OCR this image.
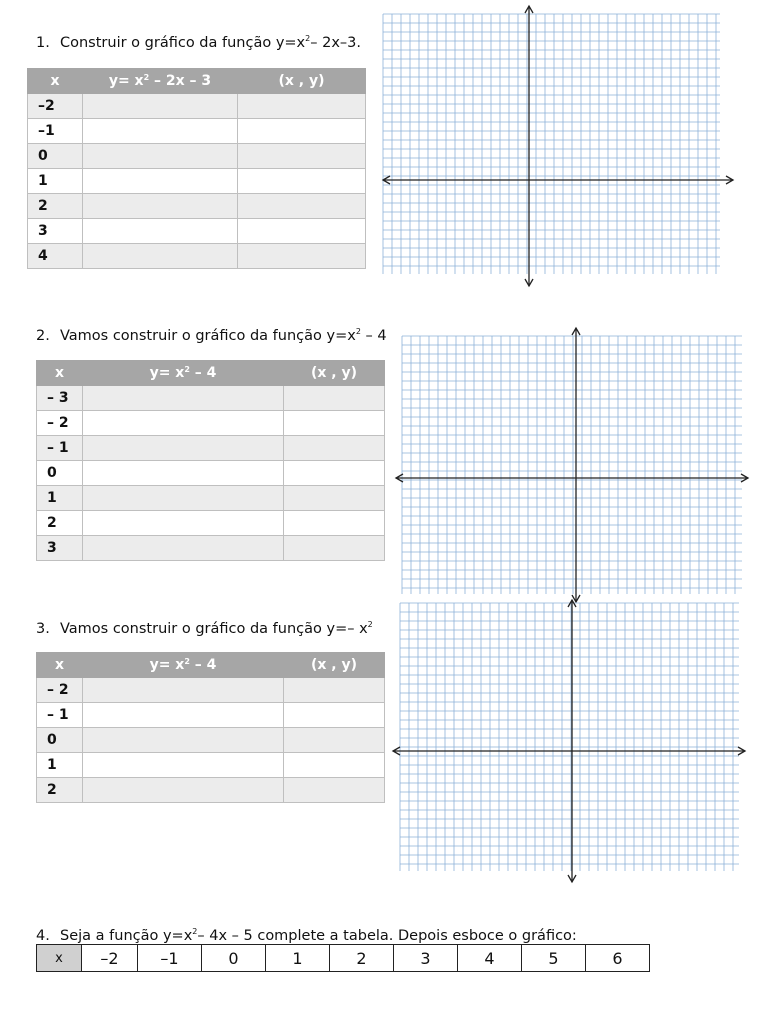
1. Construir o gráfico da função $y=x^2-$ 2x–3.
x	$y= x^2 - 2x - 3$	(x , y)
–2		
–1		
0		
1		
2		
3		
4		
2. Vamos construir o gráfico da função $y=x^2 - 4$
x	$y= x^2 - 4$	(x , y)
– 3		
– 2		
– 1		
0		
1		
2		
3		
3. Vamos construir o gráfico da função y=– $x^2$
x	$y= x^2 - 4$	(x , y)
– 2		
– 1		
0		
1		
2		
4. Seja a função $y=x^2-$ 4x – 5 complete a tabela. Depois esboce o gráfico:
x	–2	–1	0	1	2	3	4	5	6
